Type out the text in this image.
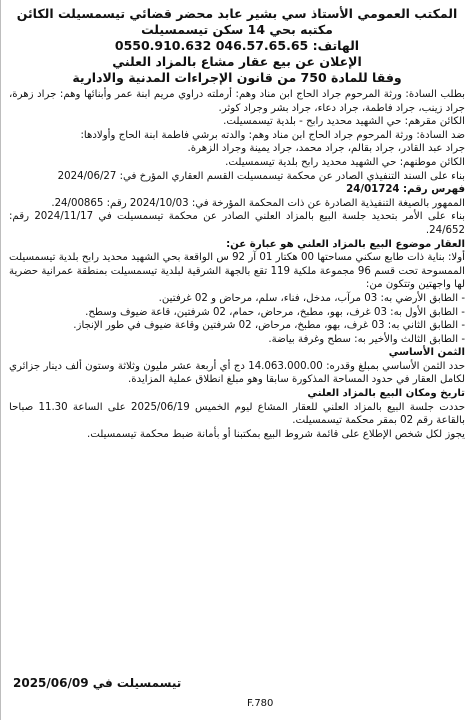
المكتب العمومي الأستاذ سي بشير عابد محضر قضائي تيسمسيلت الكائن
مكتبه بحي 14 سكن تيسمسيلت
الهاتف: 0550.910.632 046.57.65.65
الإعلان عن بيع عقار مشاع بالمزاد العلني
وفقا للمادة 750 من قانون الإجراءات المدنية والادارية

بطلب السادة: ورثة المرحوم جراد الحاج ابن مناد وهم: أرملته دراوي مريم ابنة عمر وأبنائها وهم: جراد زهرة، جراد زينب، جراد فاطمة، جراد دعاء، جراد بشر وجراد كوثر.

الكائن مقرهم: حي الشهيد محديد رابح - بلدية تيسمسيلت.

ضد السادة: ورثة المرحوم جراد الحاج ابن مناد وهم: والدته برشي فاطمة ابنة الحاج وأولادها:

جراد عبد القادر، جراد بقالم، جراد محمد، جراد يمينة وجراد الزهرة.

الكائن موطنهم: حي الشهيد محديد رابح بلدية تيسمسيلت.

بناء على السند التنفيذي الصادر عن محكمة تيسمسيلت القسم العقاري المؤرخ في: 2024/06/27

فهرس رقم: 24/01724

الممهور بالصيغة التنفيذية الصادرة عن ذات المحكمة المؤرخة في: 2024/10/03 رقم: 24/00865.

بناء على الأمر بتحديد جلسة البيع بالمزاد العلني الصادر عن محكمة تيسمسيلت في 2024/11/17 رقم: 24/652.

العقار موضوع البيع بالمزاد العلني هو عبارة عن:

أولا: بناية ذات طابع سكني مساحتها 00 هكتار 01 آر 92 س الواقعة بحي الشهيد محديد رابح بلدية تيسمسيلت الممسوحة تحت قسم 96 مجموعة ملكية 119 تقع بالجهة الشرقية لبلدية تيسمسيلت بمنطقة عمرانية حضرية لها واجهتين وتتكون من:

- الطابق الأرضي به: 03 مرآب، مدخل، فناء، سلم، مرحاض و 02 غرفتين.

- الطابق الأول به: 03 غرف، بهو، مطبخ، مرحاض، حمام، 02 شرفتين، قاعة ضيوف وسطح.

- الطابق الثاني به: 03 غرف، بهو، مطبخ، مرحاض، 02 شرفتين وقاعة ضيوف في طور الإنجاز.

- الطابق الثالث والأخير به: سطح وغرفة بياضة.

الثمن الأساسي

حدد الثمن الأساسي بمبلغ وقدره: 14.063.000.00 دج أي أربعة عشر مليون وثلاثة وستون ألف دينار جزائري لكامل العقار في حدود المساحة المذكورة سابقا وهو مبلغ انطلاق عملية المزايدة.

تاريخ ومكان البيع بالمزاد العلني

حددت جلسة البيع بالمزاد العلني للعقار المشاع ليوم الخميس 2025/06/19 على الساعة 11.30 صباحا بالقاعة رقم 02 بمقر محكمة تيسمسيلت.

يجوز لكل شخص الإطلاع على قائمة شروط البيع بمكتبنا أو بأمانة ضبط محكمة تيسمسيلت.

تيسمسيلت في 2025/06/09
F.780
